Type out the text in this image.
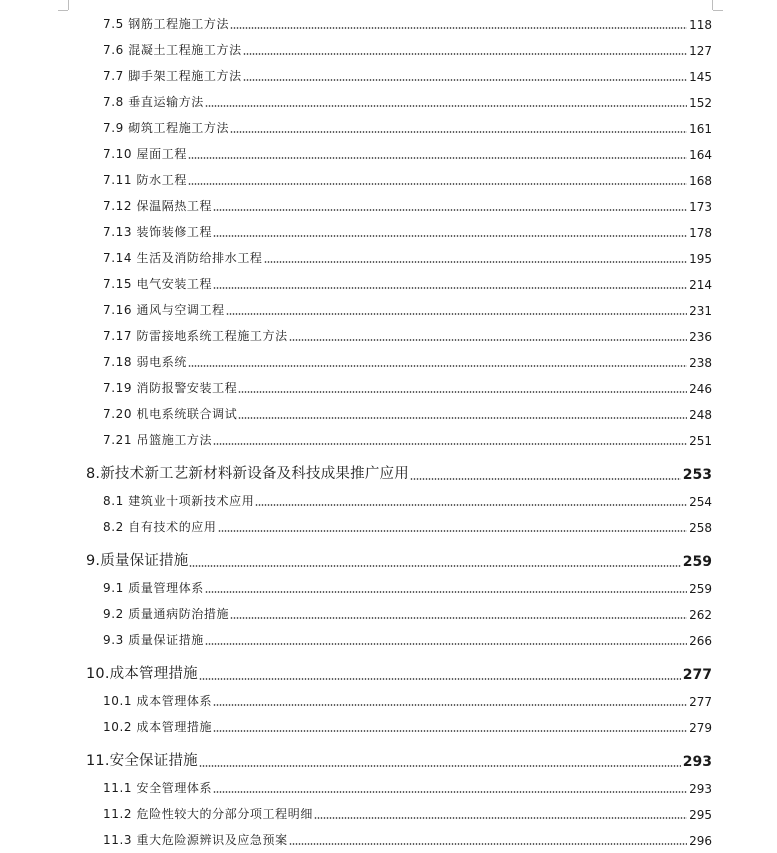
7.5 钢筋工程施工方法	118
7.6 混凝土工程施工方法	127
7.7 脚手架工程施工方法	145
7.8 垂直运输方法	152
7.9 砌筑工程施工方法	161
7.10 屋面工程	164
7.11 防水工程	168
7.12 保温隔热工程	173
7.13 装饰装修工程	178
7.14 生活及消防给排水工程	195
7.15 电气安装工程	214
7.16 通风与空调工程	231
7.17 防雷接地系统工程施工方法	236
7.18 弱电系统	238
7.19 消防报警安装工程	246
7.20 机电系统联合调试	248
7.21 吊篮施工方法	251
8.新技术新工艺新材料新设备及科技成果推广应用	253
8.1 建筑业十项新技术应用	254
8.2 自有技术的应用	258
9.质量保证措施	259
9.1 质量管理体系	259
9.2 质量通病防治措施	262
9.3 质量保证措施	266
10.成本管理措施	277
10.1 成本管理体系	277
10.2 成本管理措施	279
11.安全保证措施	293
11.1 安全管理体系	293
11.2 危险性较大的分部分项工程明细	295
11.3 重大危险源辨识及应急预案	296
